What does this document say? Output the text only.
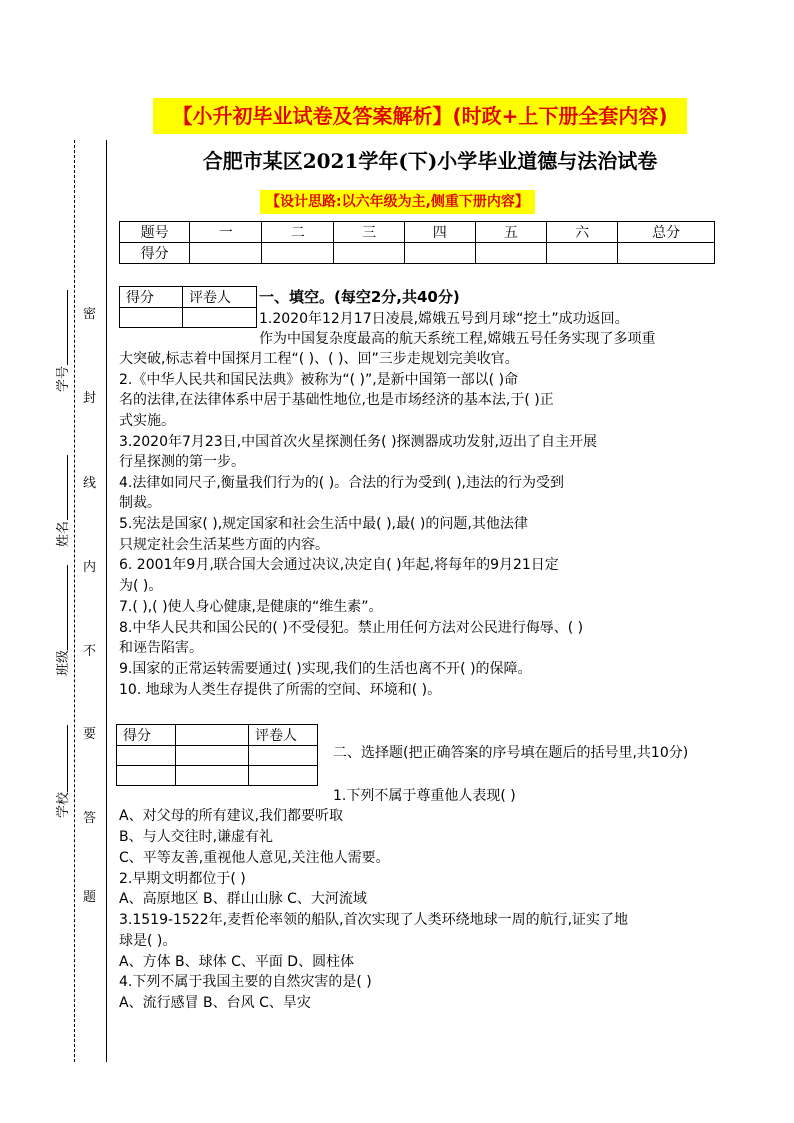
密
封
线
内
不
要
答
题
学号
姓名
班级
学校
【小升初毕业试卷及答案解析】(时政+上下册全套内容)
合肥市某区2021学年(下)小学毕业道德与法治试卷
【设计思路:以六年级为主,侧重下册内容】
题号	一	二	三	四	五	六	总分
得分							
得分	评卷人
	一、填空。(每空2分,共40分)
1.2020年12月17日凌晨,嫦娥五号到月球“挖土”成功返回。
作为中国复杂度最高的航天系统工程,嫦娥五号任务实现了多项重
大突破,标志着中国探月工程“( )、( )、回”三步走规划完美收官。
2.《中华人民共和国民法典》被称为“( )”,是新中国第一部以( )命
名的法律,在法律体系中居于基础性地位,也是市场经济的基本法,于( )正
式实施。
3.2020年7月23日,中国首次火星探测任务( )探测器成功发射,迈出了自主开展
行星探测的第一步。
4.法律如同尺子,衡量我们行为的( )。合法的行为受到( ),违法的行为受到
制裁。
5.宪法是国家( ),规定国家和社会生活中最( ),最( )的问题,其他法律
只规定社会生活某些方面的内容。
6. 2001年9月,联合国大会通过决议,决定自( )年起,将每年的9月21日定
为( )。
7.( ),( )使人身心健康,是健康的“维生素”。
8.中华人民共和国公民的( )不受侵犯。禁止用任何方法对公民进行侮辱、( )
和诬告陷害。
9.国家的正常运转需要通过( )实现,我们的生活也离不开( )的保障。
10. 地球为人类生存提供了所需的空间、环境和( )。
得分		评卷人

二、选择题(把正确答案的序号填在题后的括号里,共10分)
1.下列不属于尊重他人表现( )
A、对父母的所有建议,我们都要听取
B、与人交往时,谦虚有礼
C、平等友善,重视他人意见,关注他人需要。
2.早期文明都位于( )
A、高原地区 B、群山山脉 C、大河流域
3.1519-1522年,麦哲伦率领的船队,首次实现了人类环绕地球一周的航行,证实了地
球是( )。
A、方体 B、球体 C、平面 D、圆柱体
4.下列不属于我国主要的自然灾害的是( )
A、流行感冒 B、台风 C、旱灾
